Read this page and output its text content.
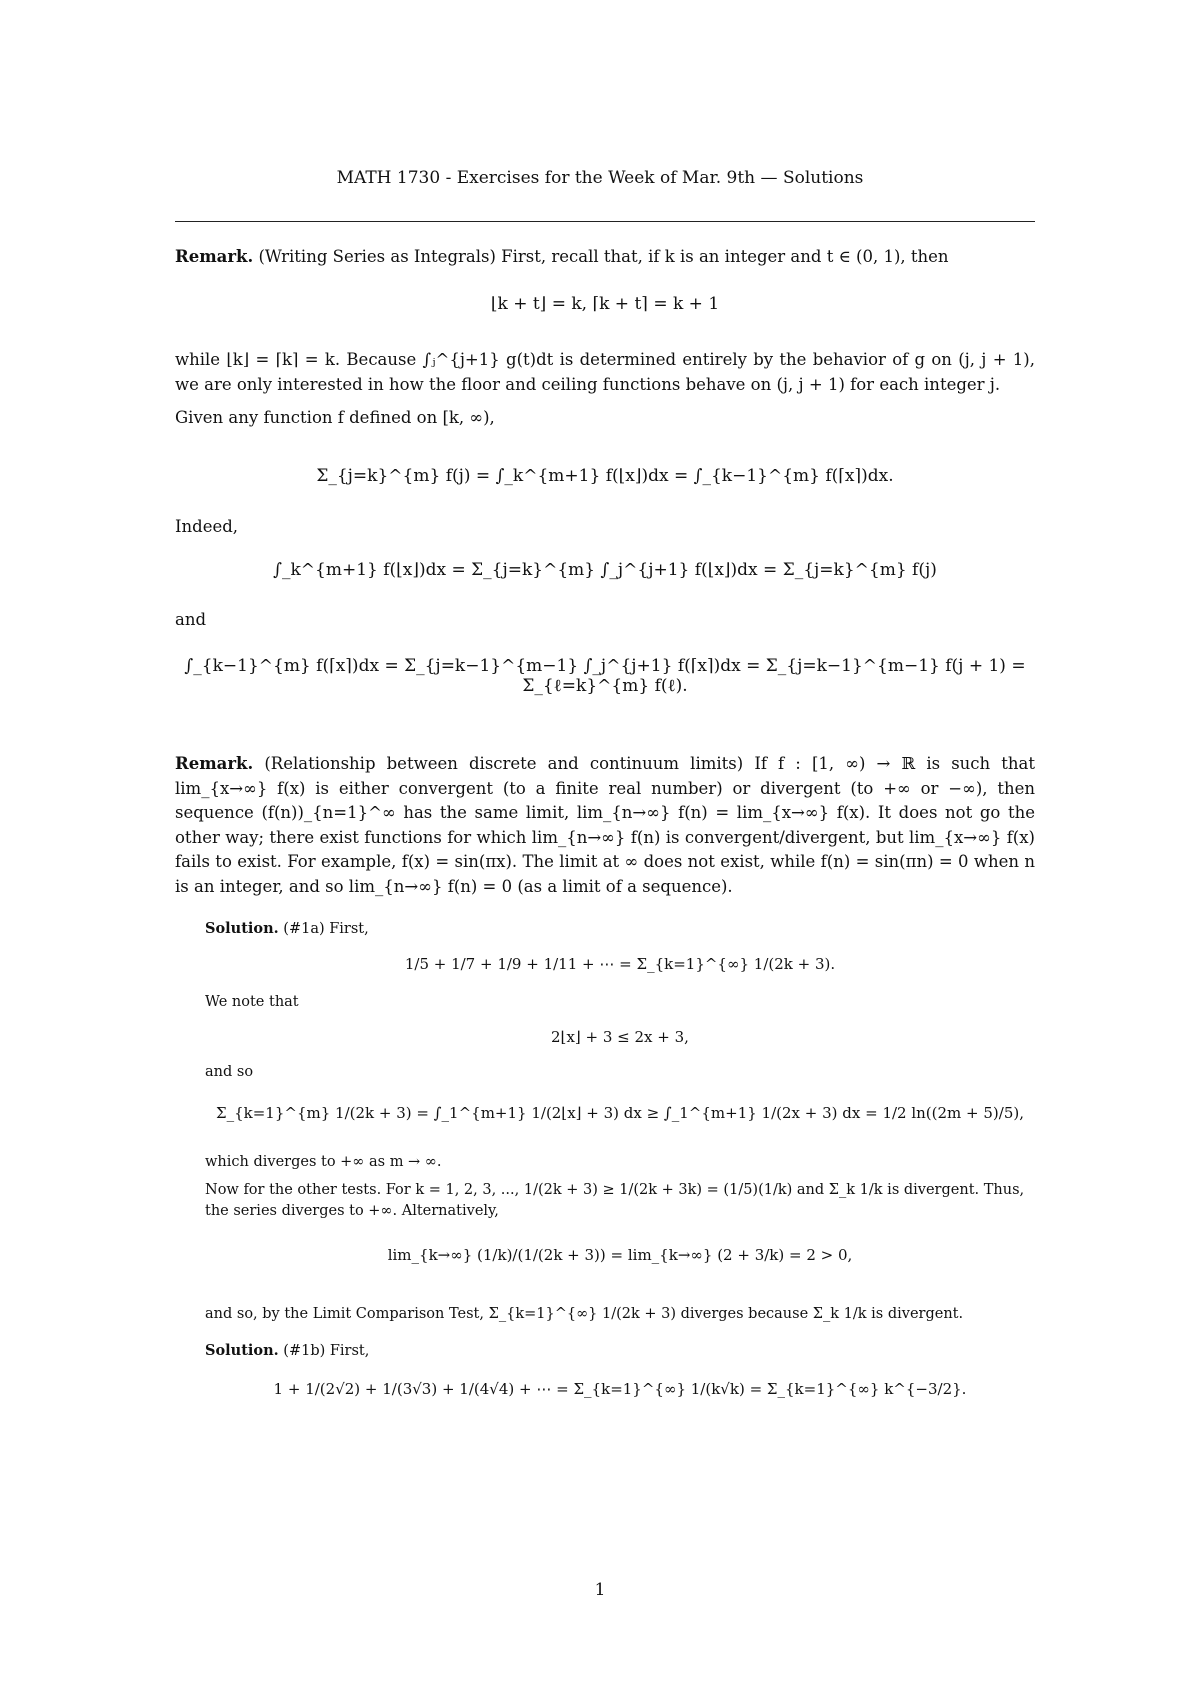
MATH 1730 - Exercises for the Week of Mar. 9th — Solutions
Remark. (Writing Series as Integrals) First, recall that, if k is an integer and t ∈ (0, 1), then
⌊k + t⌋ = k, ⌈k + t⌉ = k + 1
while ⌊k⌋ = ⌈k⌉ = k. Because ∫ⱼ^{j+1} g(t)dt is determined entirely by the behavior of g on (j, j + 1), we are only interested in how the floor and ceiling functions behave on (j, j + 1) for each integer j.
Given any function f defined on [k, ∞),
Σ_{j=k}^{m} f(j) = ∫_k^{m+1} f(⌊x⌋)dx = ∫_{k−1}^{m} f(⌈x⌉)dx.
Indeed,
∫_k^{m+1} f(⌊x⌋)dx = Σ_{j=k}^{m} ∫_j^{j+1} f(⌊x⌋)dx = Σ_{j=k}^{m} f(j)
and
∫_{k−1}^{m} f(⌈x⌉)dx = Σ_{j=k−1}^{m−1} ∫_j^{j+1} f(⌈x⌉)dx = Σ_{j=k−1}^{m−1} f(j + 1) = Σ_{ℓ=k}^{m} f(ℓ).
Remark. (Relationship between discrete and continuum limits) If f : [1, ∞) → ℝ is such that lim_{x→∞} f(x) is either convergent (to a finite real number) or divergent (to +∞ or −∞), then sequence (f(n))_{n=1}^∞ has the same limit, lim_{n→∞} f(n) = lim_{x→∞} f(x). It does not go the other way; there exist functions for which lim_{n→∞} f(n) is convergent/divergent, but lim_{x→∞} f(x) fails to exist. For example, f(x) = sin(πx). The limit at ∞ does not exist, while f(n) = sin(πn) = 0 when n is an integer, and so lim_{n→∞} f(n) = 0 (as a limit of a sequence).
Solution. (#1a) First,
1/5 + 1/7 + 1/9 + 1/11 + ⋯ = Σ_{k=1}^{∞} 1/(2k + 3).
We note that
2⌊x⌋ + 3 ≤ 2x + 3,
and so
Σ_{k=1}^{m} 1/(2k + 3) = ∫_1^{m+1} 1/(2⌊x⌋ + 3) dx ≥ ∫_1^{m+1} 1/(2x + 3) dx = 1/2 ln((2m + 5)/5),
which diverges to +∞ as m → ∞.
Now for the other tests. For k = 1, 2, 3, ..., 1/(2k + 3) ≥ 1/(2k + 3k) = (1/5)(1/k) and Σ_k 1/k is divergent. Thus, the series diverges to +∞. Alternatively,
lim_{k→∞} (1/k)/(1/(2k + 3)) = lim_{k→∞} (2 + 3/k) = 2 > 0,
and so, by the Limit Comparison Test, Σ_{k=1}^{∞} 1/(2k + 3) diverges because Σ_k 1/k is divergent.
Solution. (#1b) First,
1 + 1/(2√2) + 1/(3√3) + 1/(4√4) + ⋯ = Σ_{k=1}^{∞} 1/(k√k) = Σ_{k=1}^{∞} k^{−3/2}.
1
